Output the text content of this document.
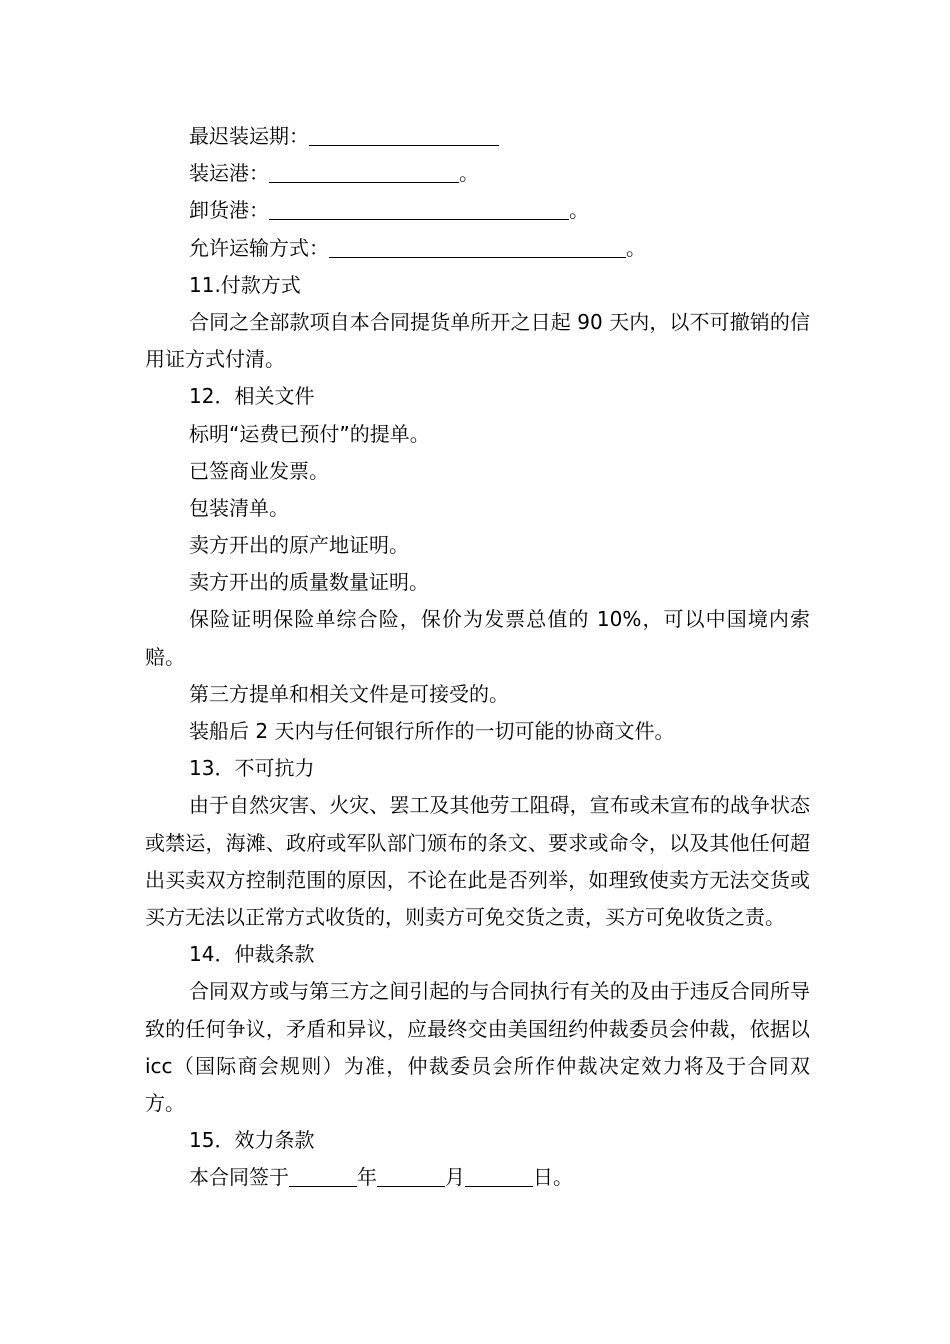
最迟装运期：

装运港：	。

卸货港：	。

允许运输方式：	。

11.付款方式

合同之全部款项自本合同提货单所开之日起 90 天内，以不可撤销的信用证方式付清。

12．相关文件

标明“运费已预付”的提单。

已签商业发票。

包装清单。

卖方开出的原产地证明。

卖方开出的质量数量证明。

保险证明保险单综合险，保价为发票总值的 10%，可以中国境内索赔。

第三方提单和相关文件是可接受的。

装船后 2 天内与任何银行所作的一切可能的协商文件。

13．不可抗力

由于自然灾害、火灾、罢工及其他劳工阻碍，宣布或未宣布的战争状态或禁运，海滩、政府或军队部门颁布的条文、要求或命令，以及其他任何超出买卖双方控制范围的原因，不论在此是否列举，如理致使卖方无法交货或买方无法以正常方式收货的，则卖方可免交货之责，买方可免收货之责。

14．仲裁条款

合同双方或与第三方之间引起的与合同执行有关的及由于违反合同所导致的任何争议，矛盾和异议，应最终交由美国纽约仲裁委员会仲裁，依据以 icc（国际商会规则）为准，仲裁委员会所作仲裁决定效力将及于合同双方。

15．效力条款

本合同签于	年	月	日。
